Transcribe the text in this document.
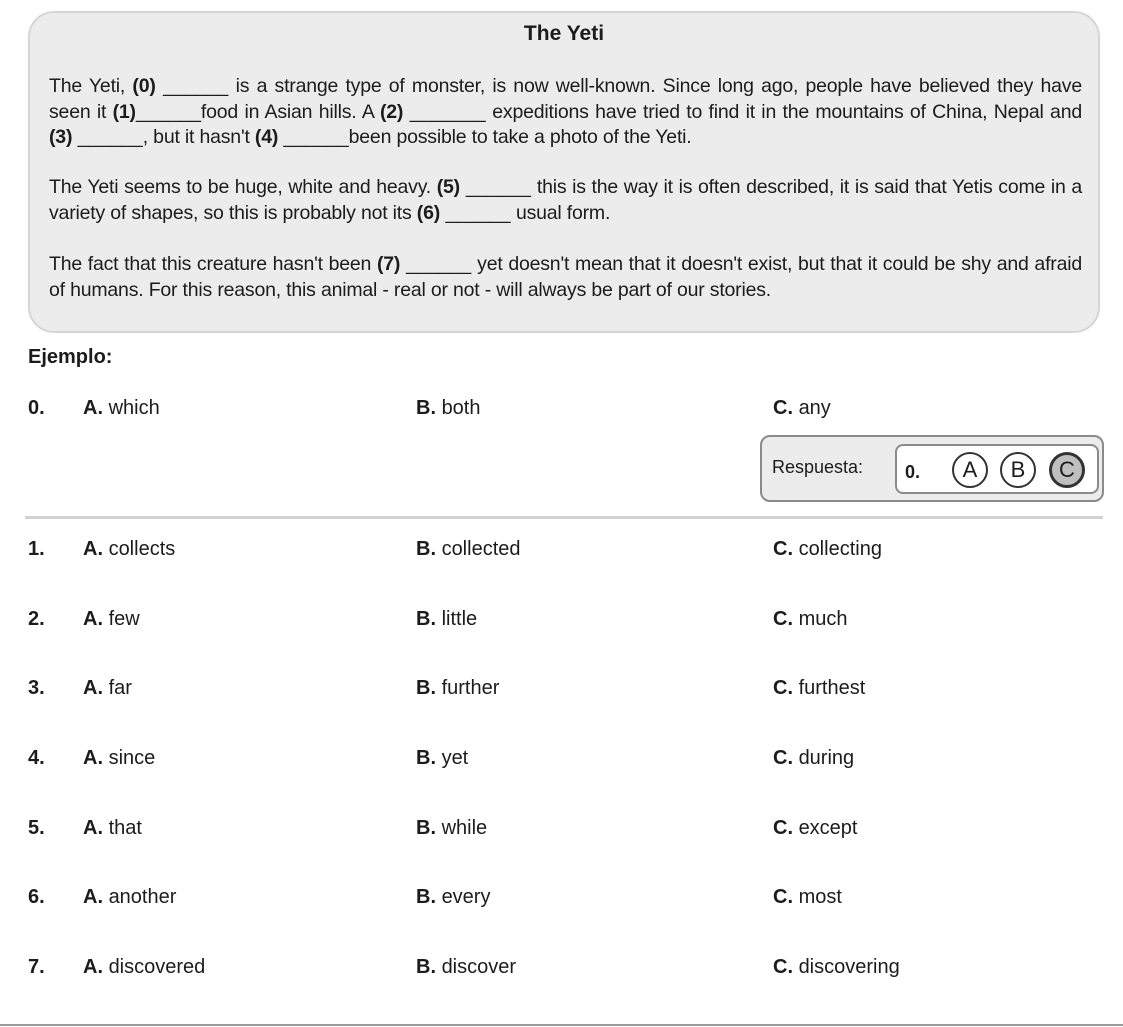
The Yeti

The Yeti, (0) ______ is a strange type of monster, is now well-known. Since long ago, people have believed they have seen it (1)______food in Asian hills. A (2) _______ expeditions have tried to find it in the mountains of China, Nepal and (3) ______, but it hasn't (4) ______been possible to take a photo of the Yeti.

The Yeti seems to be huge, white and heavy. (5) ______ this is the way it is often described, it is said that Yetis come in a variety of shapes, so this is probably not its (6) ______ usual form.

The fact that this creature hasn't been (7) ______ yet doesn't mean that it doesn't exist, but that it could be shy and afraid of humans. For this reason, this animal - real or not - will always be part of our stories.

Ejemplo:
0. A. which	B. both	C. any
1. A. collects	B. collected	C. collecting
2. A. few	B. little	C. much
3. A. far	B. further	C. furthest
4. A. since	B. yet	C. during
5. A. that	B. while	C. except
6. A. another	B. every	C. most
7. A. discovered	B. discover	C. discovering
Respuesta: 0.	A	B	C
